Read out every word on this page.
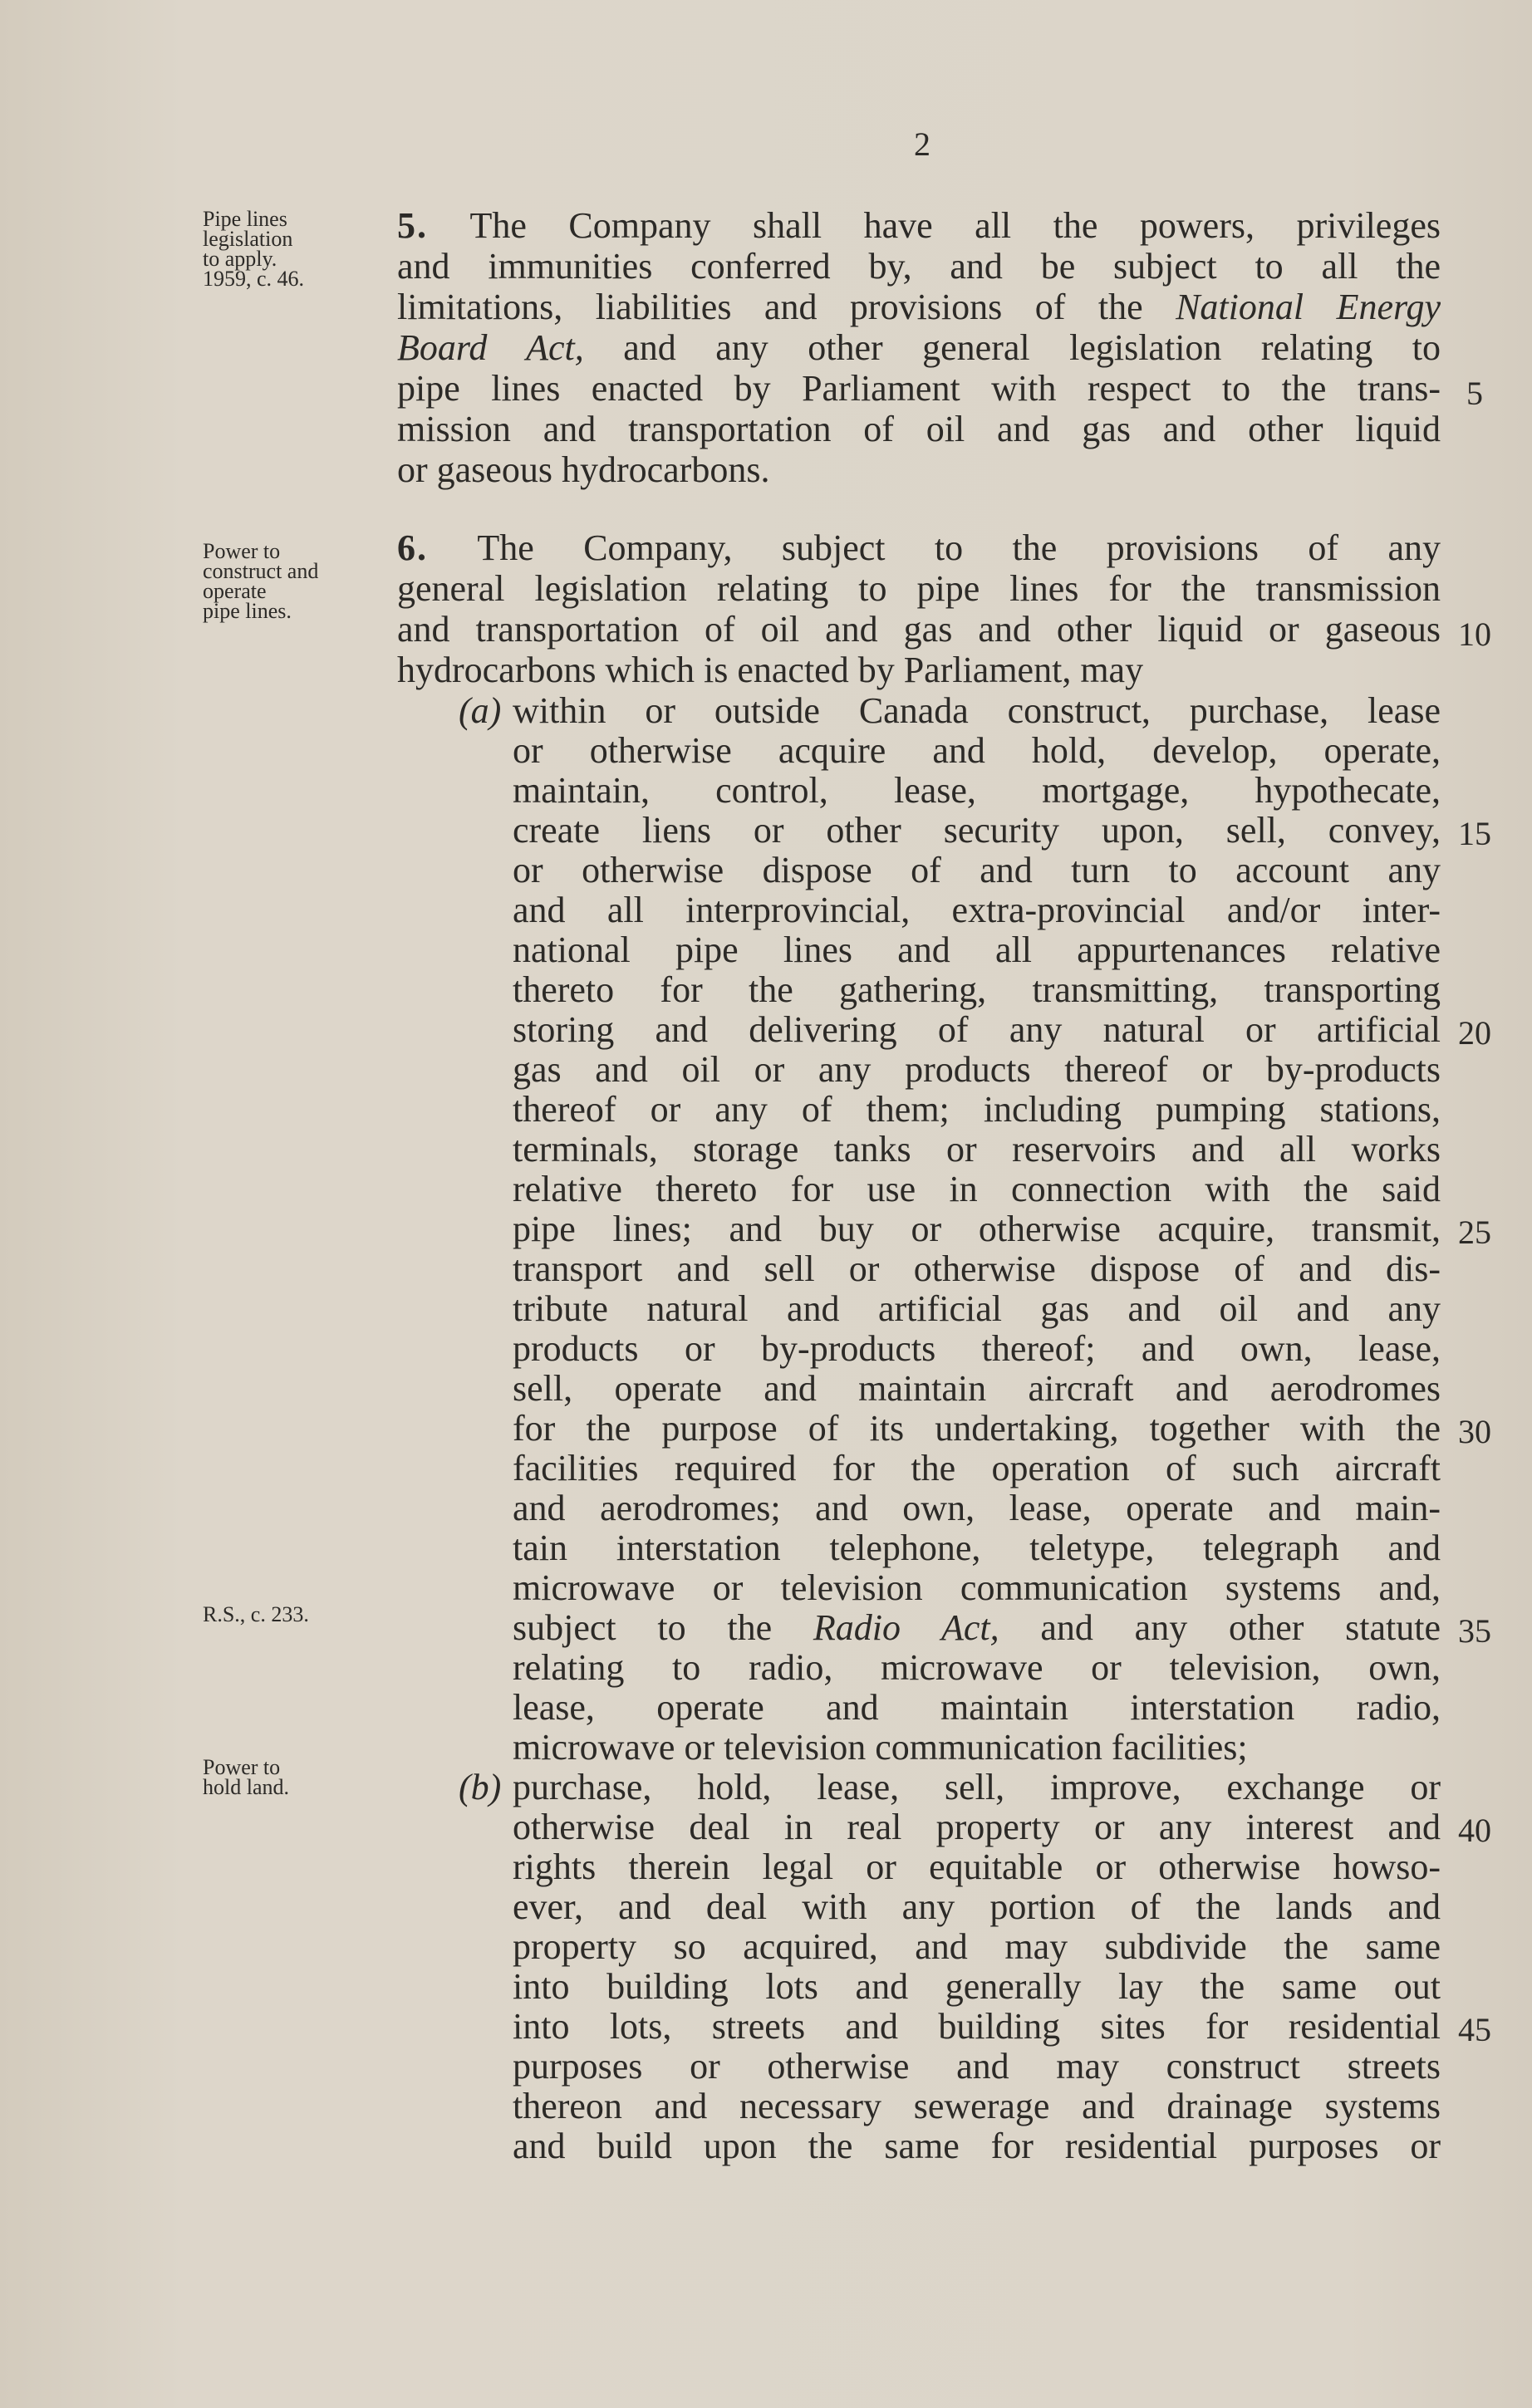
2
Pipe lines
legislation
to apply.
1959, c. 46.
Power to
construct and
operate
pipe lines.
R.S., c. 233.
Power to
hold land.
5. The Company shall have all the powers, privileges
and immunities conferred by, and be subject to all the
limitations, liabilities and provisions of the National Energy
Board Act, and any other general legislation relating to
pipe lines enacted by Parliament with respect to the trans-
mission and transportation of oil and gas and other liquid
or gaseous hydrocarbons.
6. The Company, subject to the provisions of any
general legislation relating to pipe lines for the transmission
and transportation of oil and gas and other liquid or gaseous
hydrocarbons which is enacted by Parliament, may
(a) within or outside Canada construct, purchase, lease
or otherwise acquire and hold, develop, operate,
maintain, control, lease, mortgage, hypothecate,
create liens or other security upon, sell, convey,
or otherwise dispose of and turn to account any
and all interprovincial, extra-provincial and/or inter-
national pipe lines and all appurtenances relative
thereto for the gathering, transmitting, transporting
storing and delivering of any natural or artificial
gas and oil or any products thereof or by-products
thereof or any of them; including pumping stations,
terminals, storage tanks or reservoirs and all works
relative thereto for use in connection with the said
pipe lines; and buy or otherwise acquire, transmit,
transport and sell or otherwise dispose of and dis-
tribute natural and artificial gas and oil and any
products or by-products thereof; and own, lease,
sell, operate and maintain aircraft and aerodromes
for the purpose of its undertaking, together with the
facilities required for the operation of such aircraft
and aerodromes; and own, lease, operate and main-
tain interstation telephone, teletype, telegraph and
microwave or television communication systems and,
subject to the Radio Act, and any other statute
relating to radio, microwave or television, own,
lease, operate and maintain interstation radio,
microwave or television communication facilities;
(b) purchase, hold, lease, sell, improve, exchange or
otherwise deal in real property or any interest and
rights therein legal or equitable or otherwise howso-
ever, and deal with any portion of the lands and
property so acquired, and may subdivide the same
into building lots and generally lay the same out
into lots, streets and building sites for residential
purposes or otherwise and may construct streets
thereon and necessary sewerage and drainage systems
and build upon the same for residential purposes or
5
10
15
20
25
30
35
40
45
